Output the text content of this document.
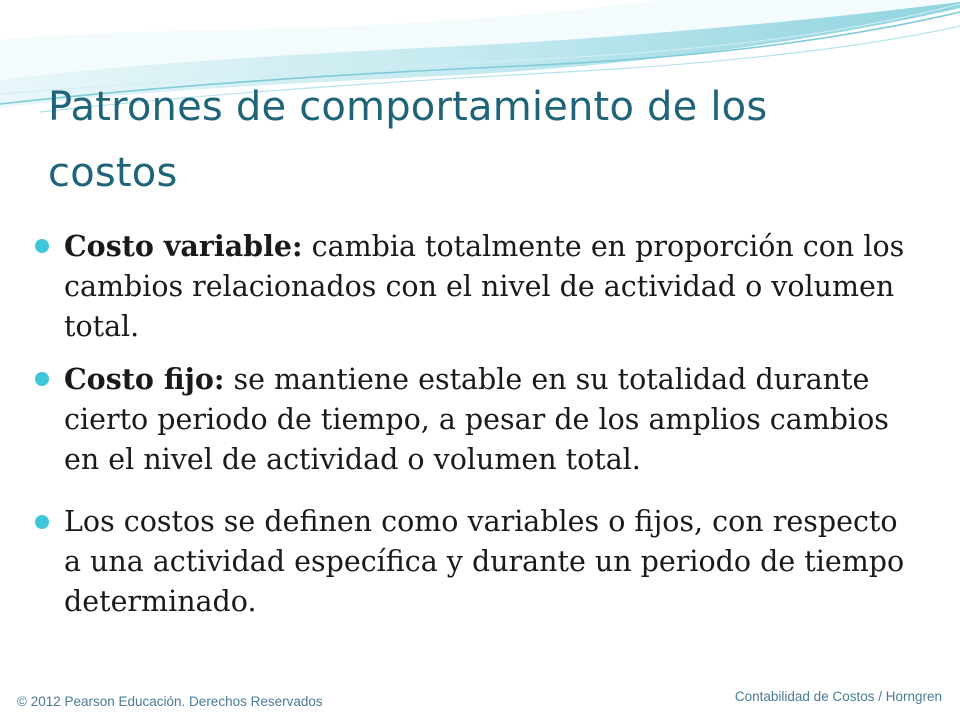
Patrones de comportamiento de los costos
Costo variable: cambia totalmente en proporción con los cambios relacionados con el nivel de actividad o volumen total.
Costo fijo: se mantiene estable en su totalidad durante cierto periodo de tiempo, a pesar de los amplios cambios en el nivel de actividad o volumen total.
Los costos se definen como variables o fijos, con respecto a una actividad específica y durante un periodo de tiempo determinado.
© 2012 Pearson Educación. Derechos Reservados	Contabilidad de Costos / Horngren
